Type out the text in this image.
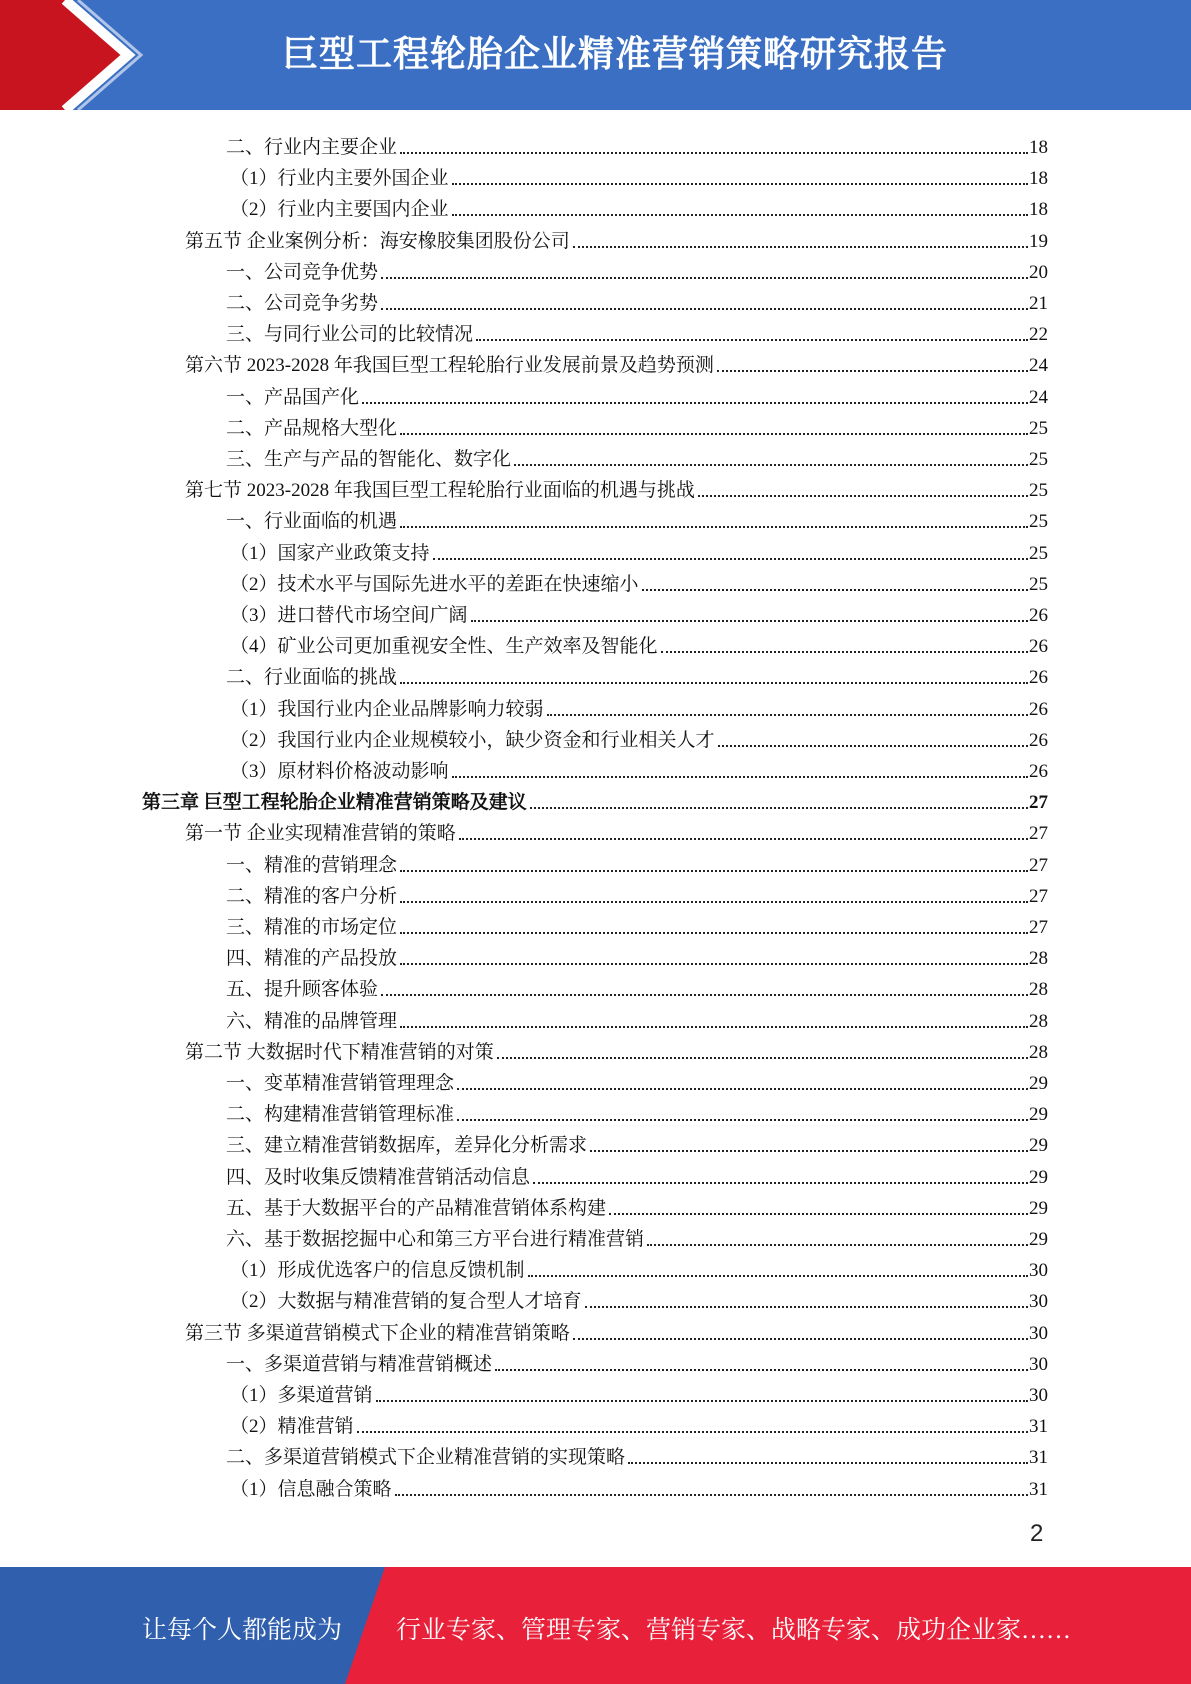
巨型工程轮胎企业精准营销策略研究报告
二、行业内主要企业	18
（1）行业内主要外国企业	18
（2）行业内主要国内企业	18
第五节 企业案例分析：海安橡胶集团股份公司	19
一、公司竞争优势	20
二、公司竞争劣势	21
三、与同行业公司的比较情况	22
第六节 2023-2028 年我国巨型工程轮胎行业发展前景及趋势预测	24
一、产品国产化	24
二、产品规格大型化	25
三、生产与产品的智能化、数字化	25
第七节 2023-2028 年我国巨型工程轮胎行业面临的机遇与挑战	25
一、行业面临的机遇	25
（1）国家产业政策支持	25
（2）技术水平与国际先进水平的差距在快速缩小	25
（3）进口替代市场空间广阔	26
（4）矿业公司更加重视安全性、生产效率及智能化	26
二、行业面临的挑战	26
（1）我国行业内企业品牌影响力较弱	26
（2）我国行业内企业规模较小，缺少资金和行业相关人才	26
（3）原材料价格波动影响	26
第三章 巨型工程轮胎企业精准营销策略及建议	27
第一节 企业实现精准营销的策略	27
一、精准的营销理念	27
二、精准的客户分析	27
三、精准的市场定位	27
四、精准的产品投放	28
五、提升顾客体验	28
六、精准的品牌管理	28
第二节 大数据时代下精准营销的对策	28
一、变革精准营销管理理念	29
二、构建精准营销管理标准	29
三、建立精准营销数据库，差异化分析需求	29
四、及时收集反馈精准营销活动信息	29
五、基于大数据平台的产品精准营销体系构建	29
六、基于数据挖掘中心和第三方平台进行精准营销	29
（1）形成优选客户的信息反馈机制	30
（2）大数据与精准营销的复合型人才培育	30
第三节 多渠道营销模式下企业的精准营销策略	30
一、多渠道营销与精准营销概述	30
（1）多渠道营销	30
（2）精准营销	31
二、多渠道营销模式下企业精准营销的实现策略	31
（1）信息融合策略	31
2
让每个人都能成为 行业专家、管理专家、营销专家、战略专家、成功企业家……
